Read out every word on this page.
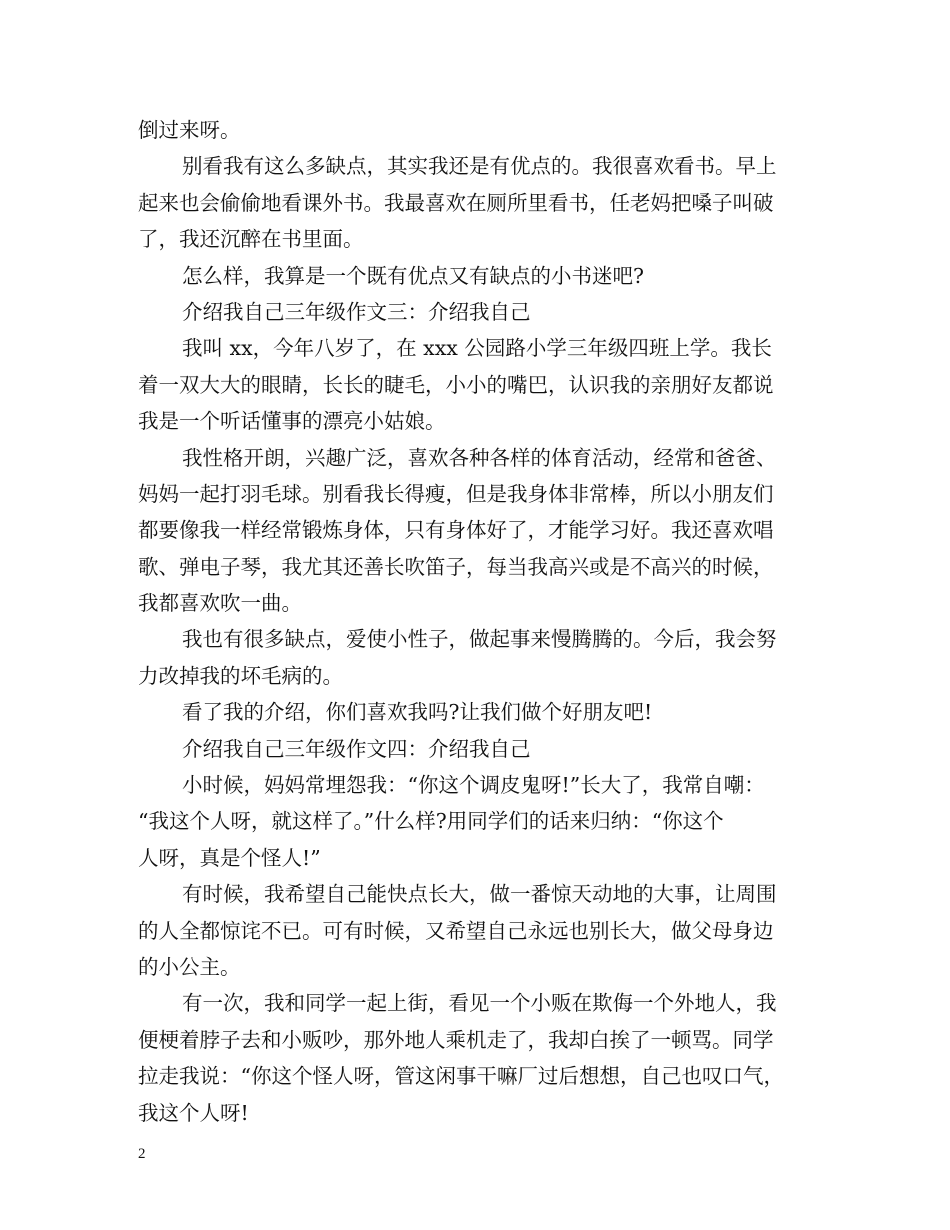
倒过来呀。
别看我有这么多缺点，其实我还是有优点的。我很喜欢看书。早上
起来也会偷偷地看课外书。我最喜欢在厕所里看书，任老妈把嗓子叫破
了，我还沉醉在书里面。
怎么样，我算是一个既有优点又有缺点的小书迷吧?
介绍我自己三年级作文三：介绍我自己
我叫 xx，今年八岁了，在 xxx 公园路小学三年级四班上学。我长
着一双大大的眼睛，长长的睫毛，小小的嘴巴，认识我的亲朋好友都说
我是一个听话懂事的漂亮小姑娘。
我性格开朗，兴趣广泛，喜欢各种各样的体育活动，经常和爸爸、
妈妈一起打羽毛球。别看我长得瘦，但是我身体非常棒，所以小朋友们
都要像我一样经常锻炼身体，只有身体好了，才能学习好。我还喜欢唱
歌、弹电子琴，我尤其还善长吹笛子，每当我高兴或是不高兴的时候，
我都喜欢吹一曲。
我也有很多缺点，爱使小性子，做起事来慢腾腾的。今后，我会努
力改掉我的坏毛病的。
看了我的介绍，你们喜欢我吗?让我们做个好朋友吧!
介绍我自己三年级作文四：介绍我自己
小时候，妈妈常埋怨我：“你这个调皮鬼呀!”长大了，我常自嘲：
“我这个人呀，就这样了。”什么样?用同学们的话来归纳：“你这个
人呀，真是个怪人!”
有时候，我希望自己能快点长大，做一番惊天动地的大事，让周围
的人全都惊诧不已。可有时候，又希望自己永远也别长大，做父母身边
的小公主。
有一次，我和同学一起上街，看见一个小贩在欺侮一个外地人，我
便梗着脖子去和小贩吵，那外地人乘机走了，我却白挨了一顿骂。同学
拉走我说：“你这个怪人呀，管这闲事干嘛厂过后想想，自己也叹口气，
我这个人呀!
2
